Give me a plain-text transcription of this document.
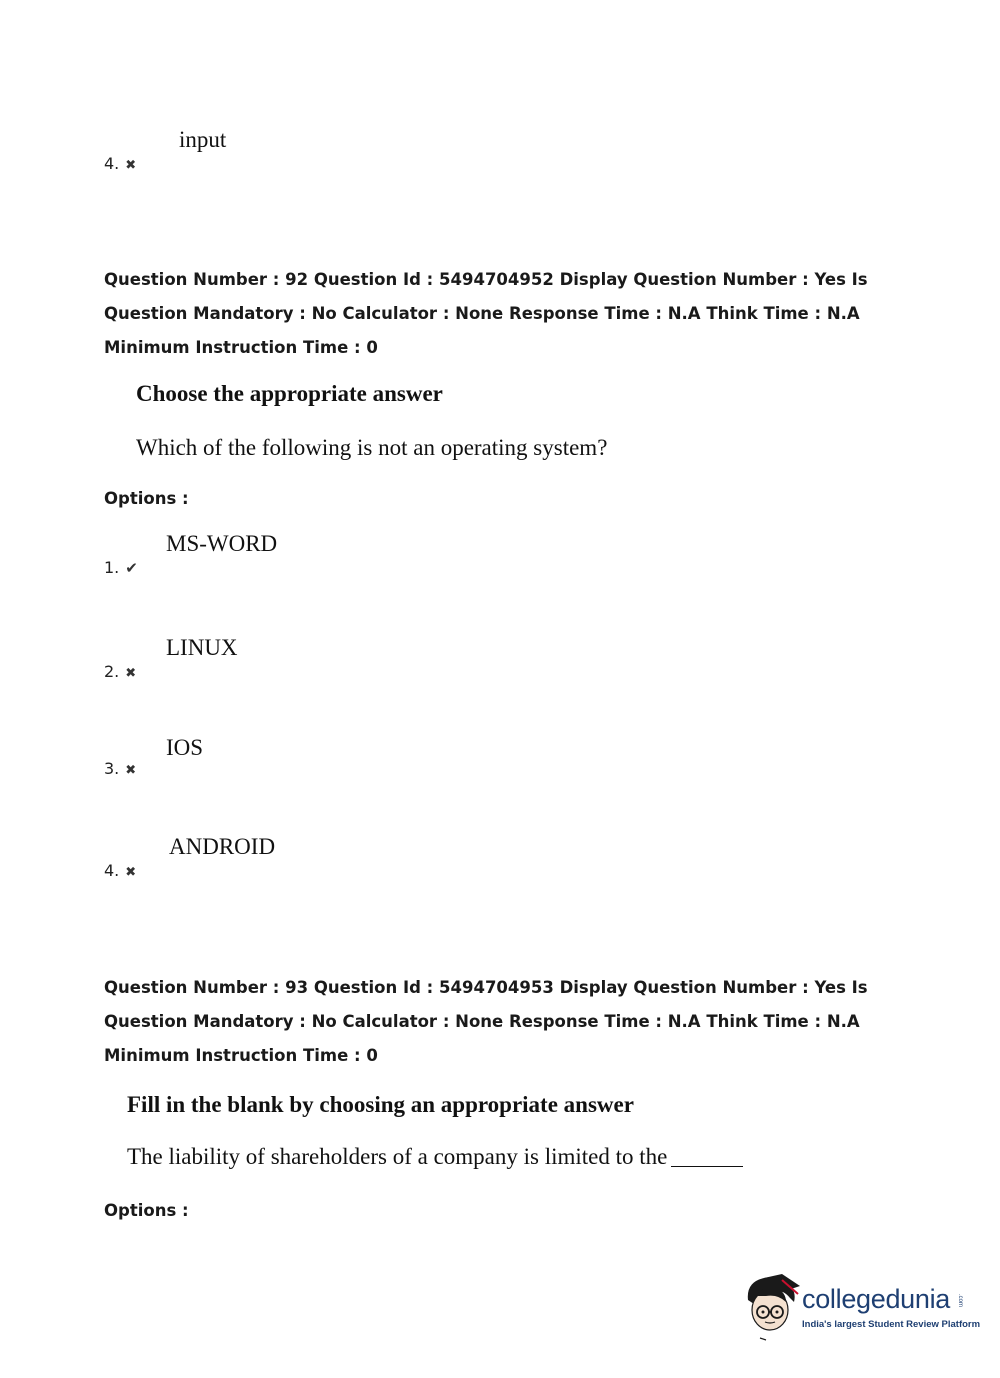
input
4. ✖
Question Number : 92 Question Id : 5494704952 Display Question Number : Yes Is Question Mandatory : No Calculator : None Response Time : N.A Think Time : N.A Minimum Instruction Time : 0
Choose the appropriate answer
Which of the following is not an operating system?
Options :
MS-WORD
1. ✔
LINUX
2. ✖
IOS
3. ✖
ANDROID
4. ✖
Question Number : 93 Question Id : 5494704953 Display Question Number : Yes Is Question Mandatory : No Calculator : None Response Time : N.A Think Time : N.A Minimum Instruction Time : 0
Fill in the blank by choosing an appropriate answer
The liability of shareholders of a company is limited to the
Options :
collegedunia .com
India's largest Student Review Platform
